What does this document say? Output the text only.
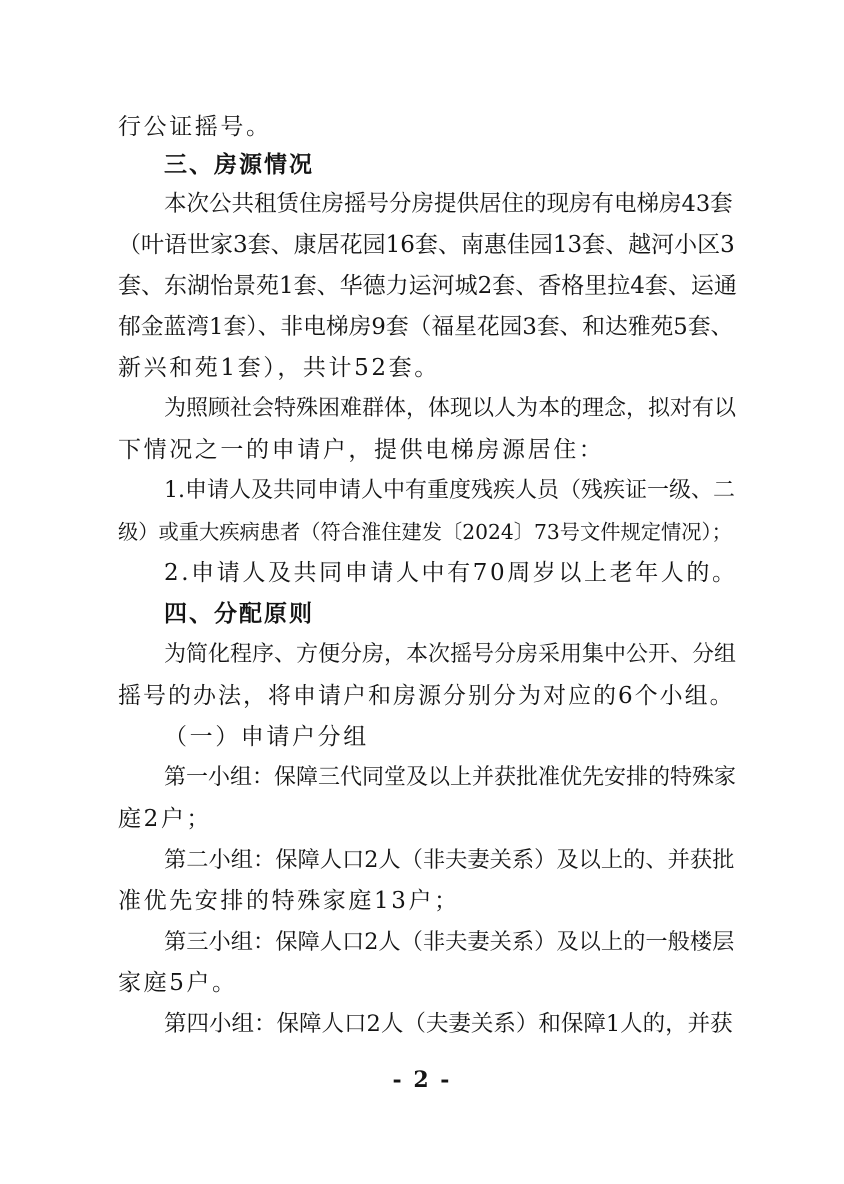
行公证摇号。
三、房源情况
本次公共租赁住房摇号分房提供居住的现房有电梯房43套
（叶语世家3套、康居花园16套、南惠佳园13套、越河小区3
套、东湖怡景苑1套、华德力运河城2套、香格里拉4套、运通
郁金蓝湾1套）、非电梯房9套（福星花园3套、和达雅苑5套、
新兴和苑1套），共计52套。
为照顾社会特殊困难群体，体现以人为本的理念，拟对有以
下情况之一的申请户，提供电梯房源居住：
1.申请人及共同申请人中有重度残疾人员（残疾证一级、二
级）或重大疾病患者（符合淮住建发〔2024〕73号文件规定情况）；
2.申请人及共同申请人中有70周岁以上老年人的。
四、分配原则
为简化程序、方便分房，本次摇号分房采用集中公开、分组
摇号的办法，将申请户和房源分别分为对应的6个小组。
（一）申请户分组
第一小组：保障三代同堂及以上并获批准优先安排的特殊家
庭2户；
第二小组：保障人口2人（非夫妻关系）及以上的、并获批
准优先安排的特殊家庭13户；
第三小组：保障人口2人（非夫妻关系）及以上的一般楼层
家庭5户。
第四小组：保障人口2人（夫妻关系）和保障1人的，并获
- 2 -
